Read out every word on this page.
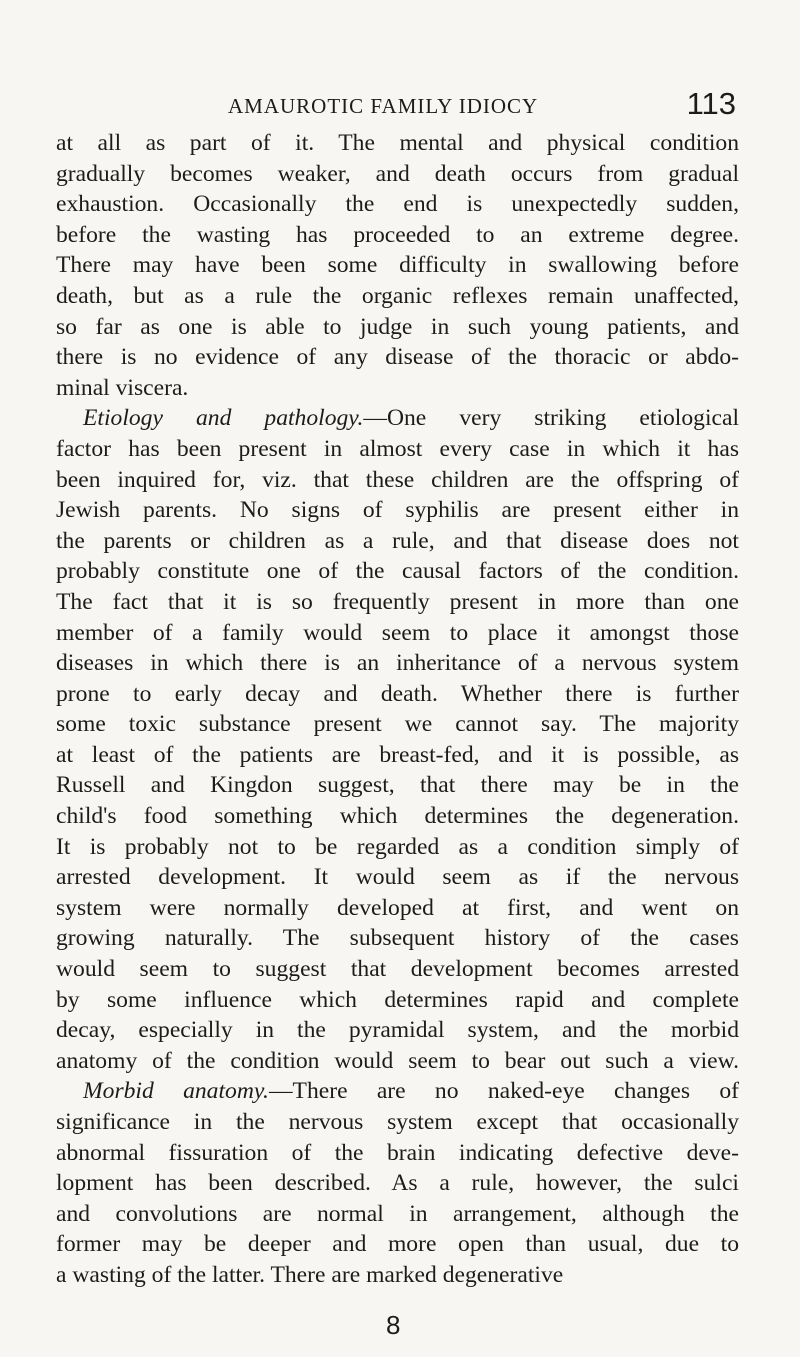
AMAUROTIC FAMILY IDIOCY	113
at all as part of it. The mental and physical condition
gradually becomes weaker, and death occurs from gradual
exhaustion. Occasionally the end is unexpectedly sudden,
before the wasting has proceeded to an extreme degree.
There may have been some difficulty in swallowing before
death, but as a rule the organic reflexes remain unaffected,
so far as one is able to judge in such young patients, and
there is no evidence of any disease of the thoracic or abdo-
minal viscera.
Etiology and pathology.—One very striking etiological
factor has been present in almost every case in which it has
been inquired for, viz. that these children are the offspring of
Jewish parents. No signs of syphilis are present either in
the parents or children as a rule, and that disease does not
probably constitute one of the causal factors of the condition.
The fact that it is so frequently present in more than one
member of a family would seem to place it amongst those
diseases in which there is an inheritance of a nervous system
prone to early decay and death. Whether there is further
some toxic substance present we cannot say. The majority
at least of the patients are breast-fed, and it is possible, as
Russell and Kingdon suggest, that there may be in the
child's food something which determines the degeneration.
It is probably not to be regarded as a condition simply of
arrested development. It would seem as if the nervous
system were normally developed at first, and went on
growing naturally. The subsequent history of the cases
would seem to suggest that development becomes arrested
by some influence which determines rapid and complete
decay, especially in the pyramidal system, and the morbid
anatomy of the condition would seem to bear out such a view.
Morbid anatomy.—There are no naked-eye changes of
significance in the nervous system except that occasionally
abnormal fissuration of the brain indicating defective deve-
lopment has been described. As a rule, however, the sulci
and convolutions are normal in arrangement, although the
former may be deeper and more open than usual, due to
a wasting of the latter. There are marked degenerative
8
